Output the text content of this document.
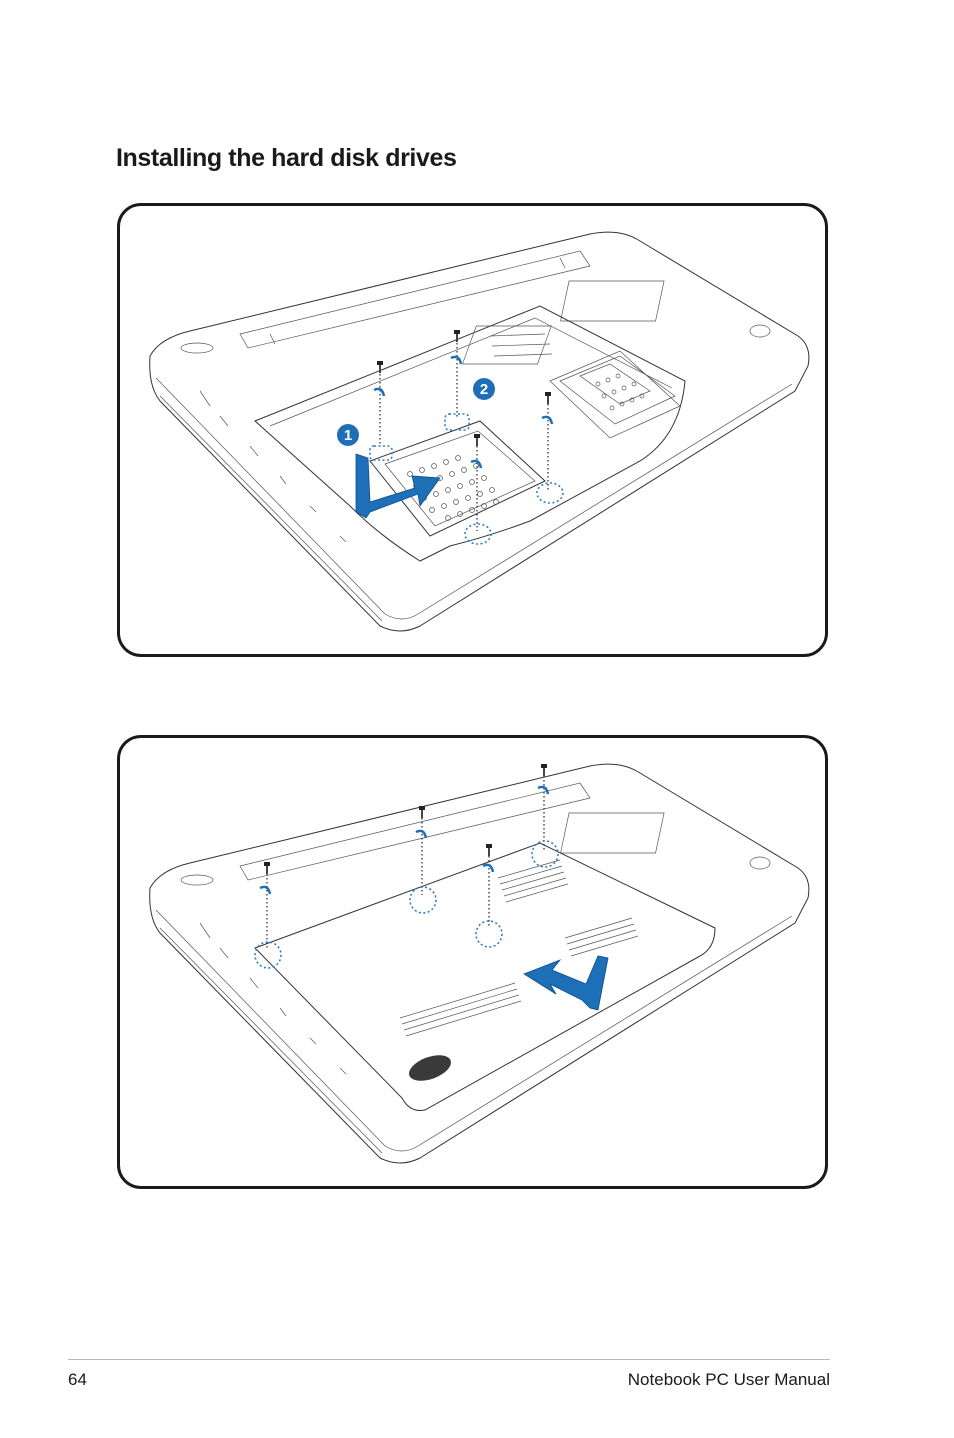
Installing the hard disk drives
1
2
64	Notebook PC User Manual
